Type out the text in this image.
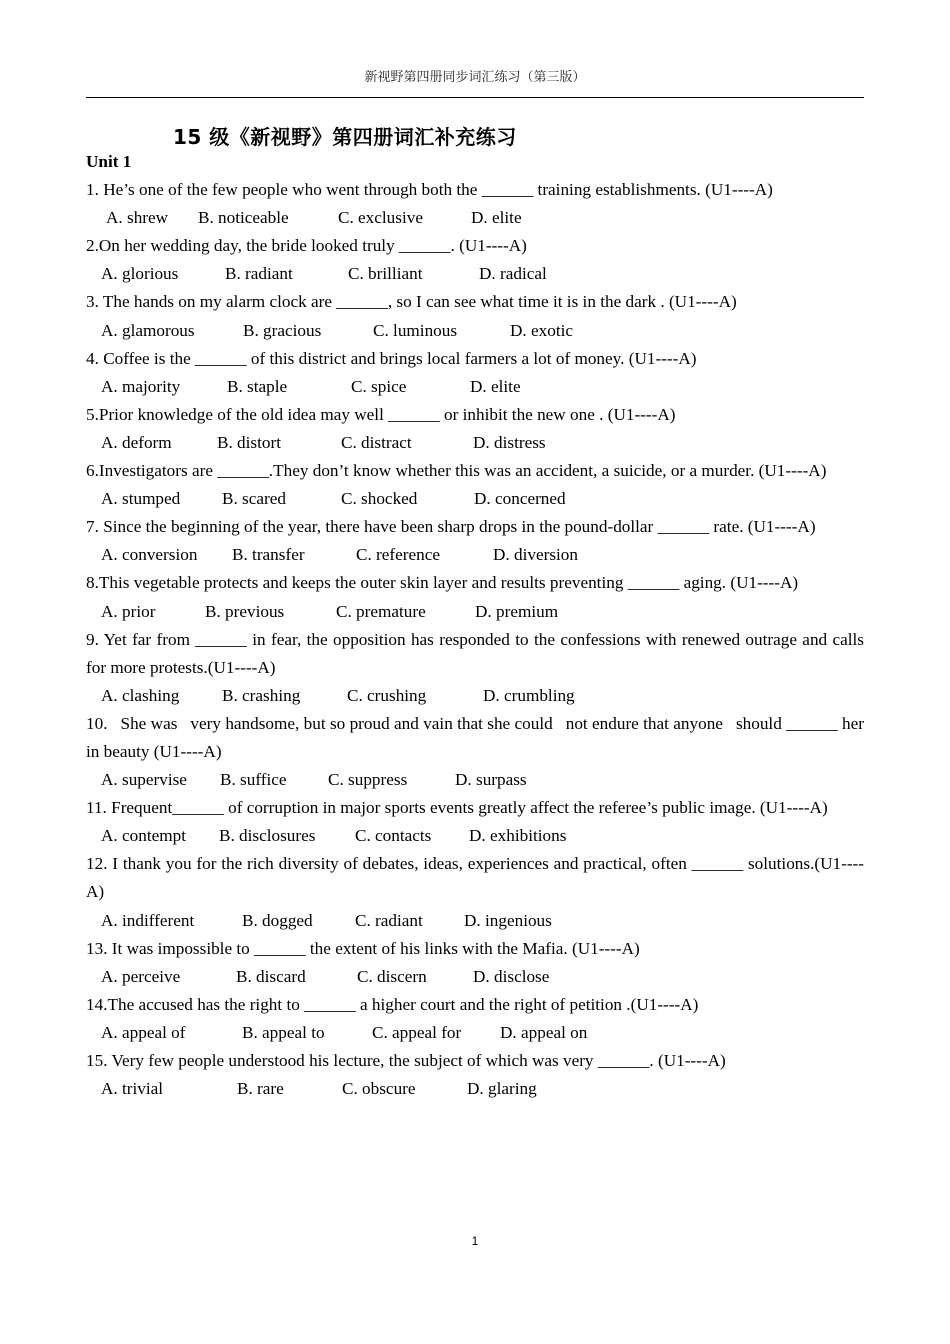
新视野第四册同步词汇练习（第三版）
15 级《新视野》第四册词汇补充练习
Unit 1
1. He’s one of the few people who went through both the ______ training establishments. (U1----A)
A. shrew	B. noticeable	C. exclusive	D. elite
2.On her wedding day, the bride looked truly ______. (U1----A)
A. glorious	B. radiant	C. brilliant	D. radical
3. The hands on my alarm clock are ______, so I can see what time it is in the dark . (U1----A)
A. glamorous	B. gracious	C. luminous	D. exotic
4. Coffee is the ______ of this district and brings local farmers a lot of money. (U1----A)
A. majority	B. staple	C. spice	D. elite
5.Prior knowledge of the old idea may well ______ or inhibit the new one . (U1----A)
A. deform	B. distort	C. distract	D. distress
6.Investigators are ______.They don’t know whether this was an accident, a suicide, or a murder. (U1----A)
A. stumped	B. scared	C. shocked	D. concerned
7. Since the beginning of the year, there have been sharp drops in the pound-dollar ______ rate. (U1----A)
A. conversion	B. transfer	C. reference	D. diversion
8.This vegetable protects and keeps the outer skin layer and results preventing ______ aging. (U1----A)
A. prior	B. previous	C. premature	D. premium
9. Yet far from ______ in fear, the opposition has responded to the confessions with renewed outrage and calls for more protests.(U1----A)
A. clashing	B. crashing	C. crushing	D. crumbling
10.   She was   very handsome, but so proud and vain that she could   not endure that anyone   should ______ her in beauty (U1----A)
A. supervise	B. suffice	C. suppress	D. surpass
11. Frequent______ of corruption in major sports events greatly affect the referee’s public image. (U1----A)
A. contempt	B. disclosures	C. contacts	D. exhibitions
12. I thank you for the rich diversity of debates, ideas, experiences and practical, often ______ solutions.(U1----A)
A. indifferent	B. dogged	C. radiant	D. ingenious
13. It was impossible to ______ the extent of his links with the Mafia. (U1----A)
A. perceive	B. discard	C. discern	D. disclose
14.The accused has the right to ______ a higher court and the right of petition .(U1----A)
A. appeal of	B. appeal to	C. appeal for	D. appeal on
15. Very few people understood his lecture, the subject of which was very ______. (U1----A)
A. trivial	B. rare	C. obscure	D. glaring
1
